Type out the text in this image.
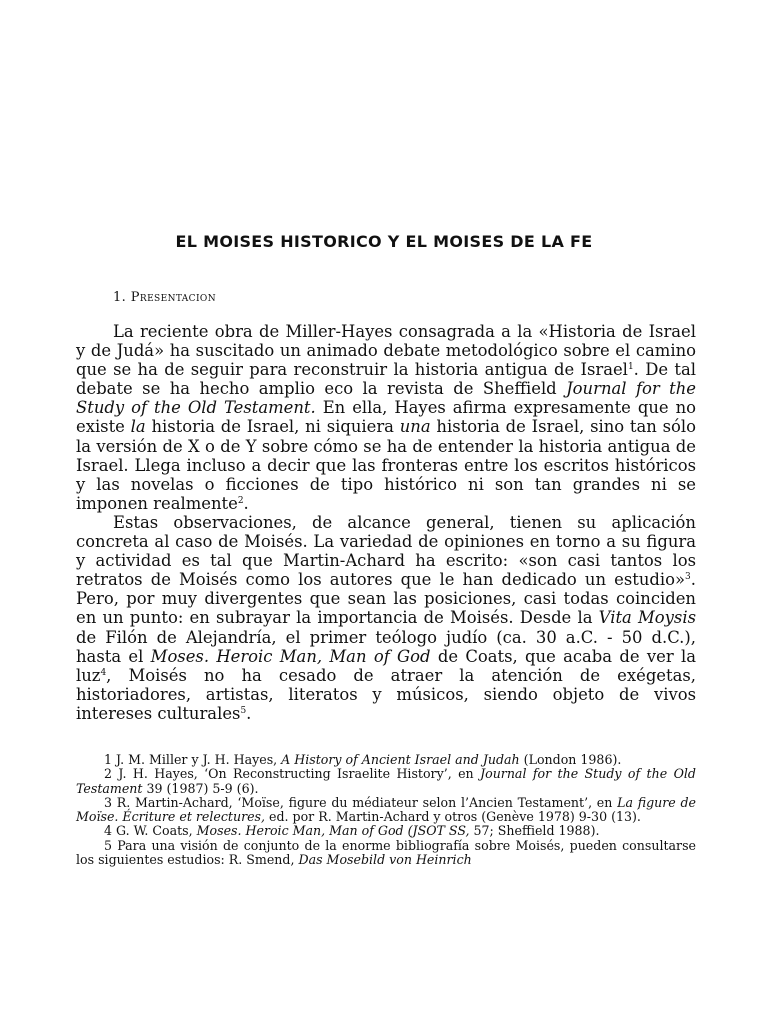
EL MOISES HISTORICO Y EL MOISES DE LA FE
1. Presentacion

La reciente obra de Miller-Hayes consagrada a la «Historia de Israel y de Judá» ha suscitado un animado debate metodológico sobre el camino que se ha de seguir para reconstruir la historia antigua de Israel$^1$. De tal debate se ha hecho amplio eco la revista de Sheffield Journal for the Study of the Old Testament. En ella, Hayes afirma expresamente que no existe la historia de Israel, ni siquiera una historia de Israel, sino tan sólo la versión de X o de Y sobre cómo se ha de entender la historia antigua de Israel. Llega incluso a decir que las fronteras entre los escritos históricos y las novelas o ficciones de tipo histórico ni son tan grandes ni se imponen realmente$^2$.

Estas observaciones, de alcance general, tienen su aplicación concreta al caso de Moisés. La variedad de opiniones en torno a su figura y actividad es tal que Martin-Achard ha escrito: «son casi tantos los retratos de Moisés como los autores que le han dedicado un estudio»$^3$. Pero, por muy divergentes que sean las posiciones, casi todas coinciden en un punto: en subrayar la importancia de Moisés. Desde la Vita Moysis de Filón de Alejandría, el primer teólogo judío (ca. 30 a.C. - 50 d.C.), hasta el Moses. Heroic Man, Man of God de Coats, que acaba de ver la luz$^4$, Moisés no ha cesado de atraer la atención de exégetas, historiadores, artistas, literatos y músicos, siendo objeto de vivos intereses culturales$^5$.

1 J. M. Miller y J. H. Hayes, A History of Ancient Israel and Judah (London 1986).

2 J. H. Hayes, ‘On Reconstructing Israelite History’, en Journal for the Study of the Old Testament 39 (1987) 5-9 (6).

3 R. Martin-Achard, ‘Moïse, figure du médiateur selon l’Ancien Testament’, en La figure de Moïse. Écriture et relectures, ed. por R. Martin-Achard y otros (Genève 1978) 9-30 (13).

4 G. W. Coats, Moses. Heroic Man, Man of God (JSOT SS, 57; Sheffield 1988).

5 Para una visión de conjunto de la enorme bibliografía sobre Moisés, pueden consultarse los siguientes estudios: R. Smend, Das Mosebild von Heinrich
